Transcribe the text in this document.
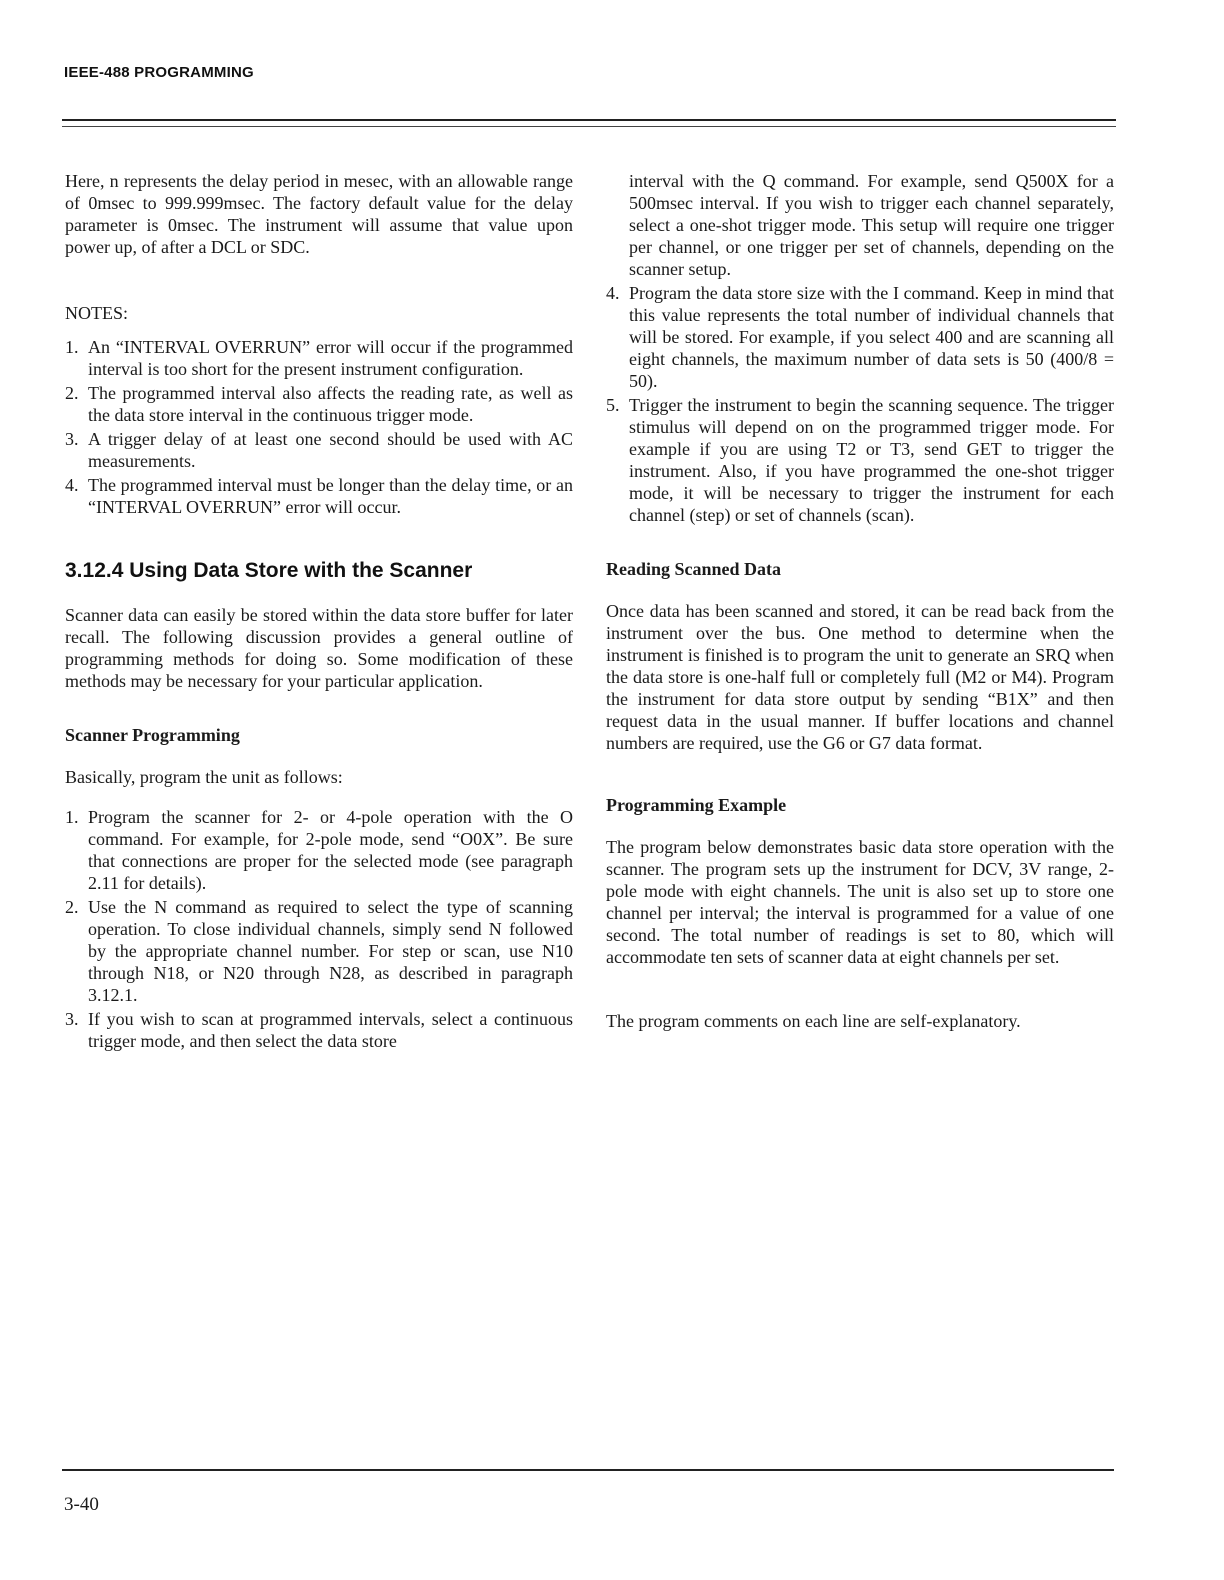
IEEE-488 PROGRAMMING

Here, n represents the delay period in mesec, with an allowable range of 0msec to 999.999msec. The factory default value for the delay parameter is 0msec. The instrument will assume that value upon power up, of after a DCL or SDC.

NOTES:
1. An “INTERVAL OVERRUN” error will occur if the programmed interval is too short for the present instrument configuration.
2. The programmed interval also affects the reading rate, as well as the data store interval in the continuous trigger mode.
3. A trigger delay of at least one second should be used with AC measurements.
4. The programmed interval must be longer than the delay time, or an “INTERVAL OVERRUN” error will occur.
3.12.4 Using Data Store with the Scanner

Scanner data can easily be stored within the data store buffer for later recall. The following discussion provides a general outline of programming methods for doing so. Some modification of these methods may be necessary for your particular application.

Scanner Programming

Basically, program the unit as follows:

1. Program the scanner for 2- or 4-pole operation with the O command. For example, for 2-pole mode, send “O0X”. Be sure that connections are proper for the selected mode (see paragraph 2.11 for details).
2. Use the N command as required to select the type of scanning operation. To close individual channels, simply send N followed by the appropriate channel number. For step or scan, use N10 through N18, or N20 through N28, as described in paragraph 3.12.1.
3. If you wish to scan at programmed intervals, select a continuous trigger mode, and then select the data store
interval with the Q command. For example, send Q500X for a 500msec interval. If you wish to trigger each channel separately, select a one-shot trigger mode. This setup will require one trigger per channel, or one trigger per set of channels, depending on the scanner setup.
4. Program the data store size with the I command. Keep in mind that this value represents the total number of individual channels that will be stored. For example, if you select 400 and are scanning all eight channels, the maximum number of data sets is 50 (400/8 = 50).
5. Trigger the instrument to begin the scanning sequence. The trigger stimulus will depend on on the programmed trigger mode. For example if you are using T2 or T3, send GET to trigger the instrument. Also, if you have programmed the one-shot trigger mode, it will be necessary to trigger the instrument for each channel (step) or set of channels (scan).
Reading Scanned Data

Once data has been scanned and stored, it can be read back from the instrument over the bus. One method to determine when the instrument is finished is to program the unit to generate an SRQ when the data store is one-half full or completely full (M2 or M4). Program the instrument for data store output by sending “B1X” and then request data in the usual manner. If buffer locations and channel numbers are required, use the G6 or G7 data format.

Programming Example

The program below demonstrates basic data store operation with the scanner. The program sets up the instrument for DCV, 3V range, 2-pole mode with eight channels. The unit is also set up to store one channel per interval; the interval is programmed for a value of one second. The total number of readings is set to 80, which will accommodate ten sets of scanner data at eight channels per set.

The program comments on each line are self-explanatory.

3-40
